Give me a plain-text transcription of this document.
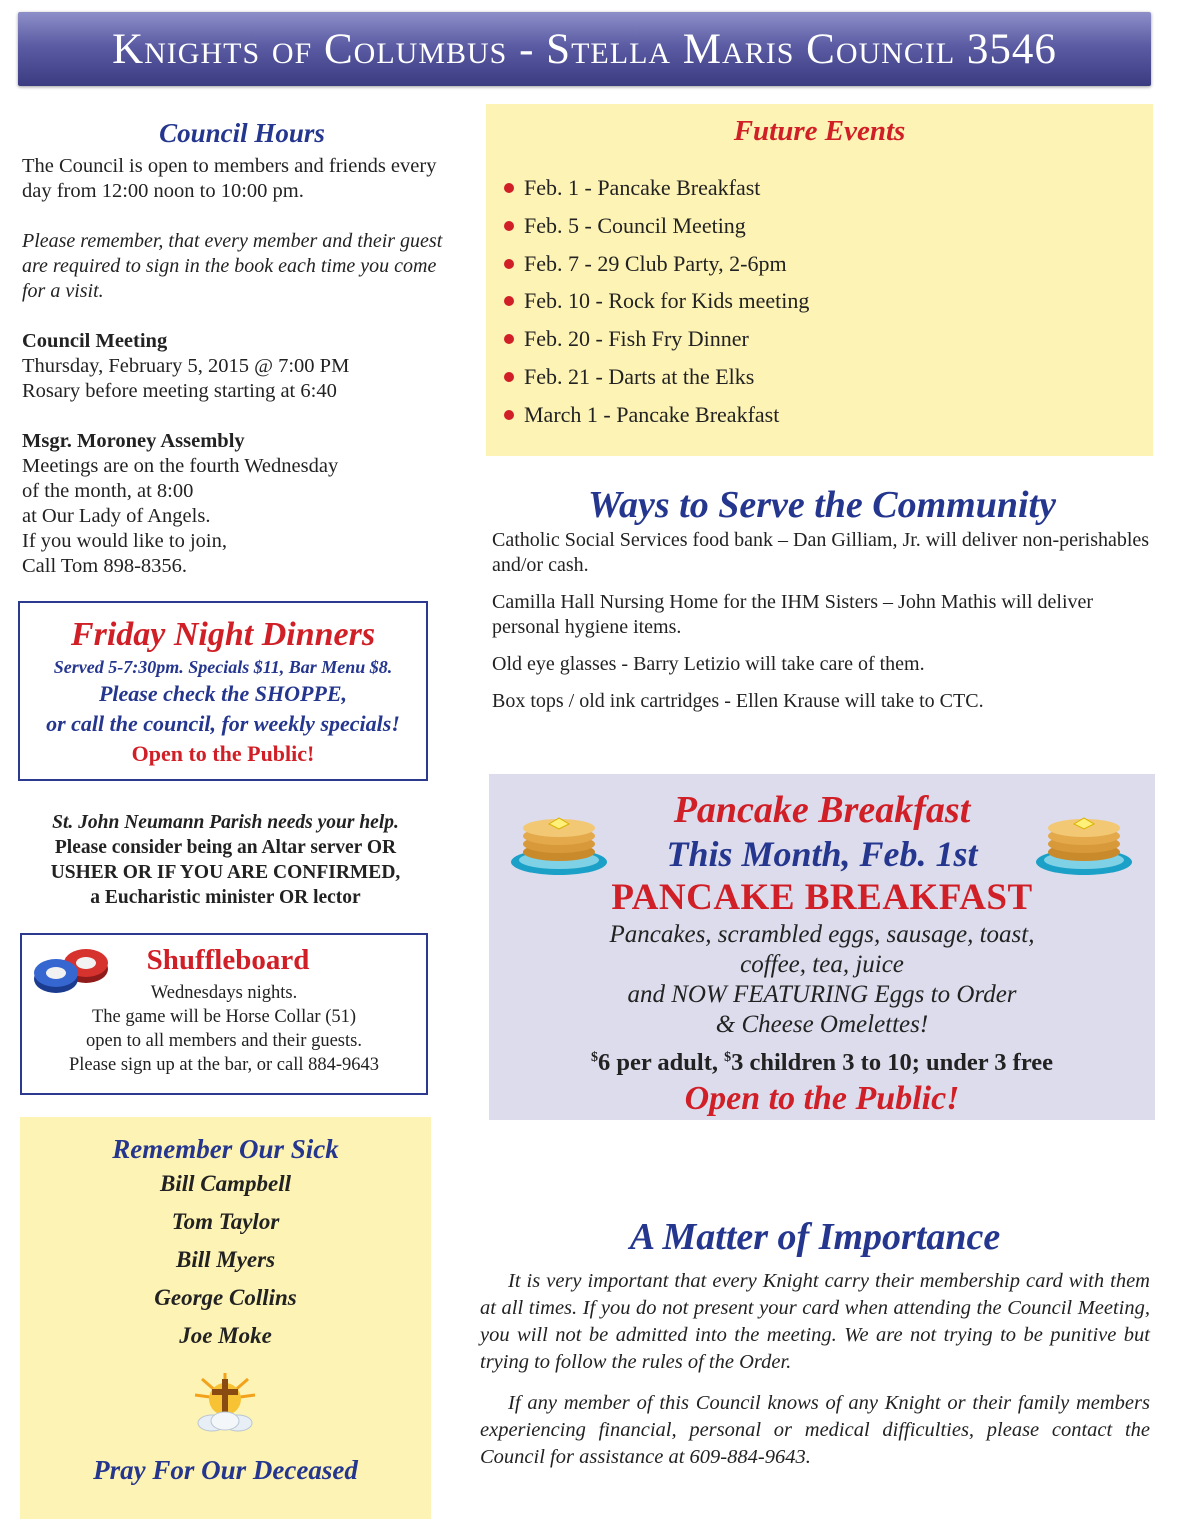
Knights of Columbus - Stella Maris Council 3546
Council Hours

The Council is open to members and friends every day from 12:00 noon to 10:00 pm.

Please remember, that every member and their guest are required to sign in the book each time you come for a visit.

Council Meeting
Thursday, February 5, 2015 @ 7:00 PM
Rosary before meeting starting at 6:40

Msgr. Moroney Assembly
Meetings are on the fourth Wednesday
of the month, at 8:00
at Our Lady of Angels.
If you would like to join,
Call Tom 898-8356.

Friday Night Dinners
Served 5-7:30pm. Specials $11, Bar Menu $8.
Please check the SHOPPE,
or call the council, for weekly specials!
Open to the Public!
St. John Neumann Parish needs your help.
Please consider being an Altar server OR
USHER OR IF YOU ARE CONFIRMED,
a Eucharistic minister OR lector
Shuffleboard
Wednesdays nights.
The game will be Horse Collar (51)
open to all members and their guests.
Please sign up at the bar, or call 884-9643
Remember Our Sick
Bill Campbell
Tom Taylor
Bill Myers
George Collins
Joe Moke
Pray For Our Deceased
Future Events
Feb. 1 - Pancake Breakfast
Feb. 5 - Council Meeting
Feb. 7 - 29 Club Party, 2-6pm
Feb. 10 - Rock for Kids meeting
Feb. 20 - Fish Fry Dinner
Feb. 21 - Darts at the Elks
March 1 - Pancake Breakfast
Ways to Serve the Community

Catholic Social Services food bank – Dan Gilliam, Jr. will deliver non-perishables and/or cash.

Camilla Hall Nursing Home for the IHM Sisters – John Mathis will deliver personal hygiene items.

Old eye glasses - Barry Letizio will take care of them.

Box tops / old ink cartridges - Ellen Krause will take to CTC.

Pancake Breakfast
This Month, Feb. 1st
PANCAKE BREAKFAST
Pancakes, scrambled eggs, sausage, toast,
coffee, tea, juice
and NOW FEATURING Eggs to Order
& Cheese Omelettes!
$6 per adult, $3 children 3 to 10; under 3 free
Open to the Public!
A Matter of Importance

It is very important that every Knight carry their membership card with them at all times. If you do not present your card when attending the Council Meeting, you will not be admitted into the meeting. We are not trying to be punitive but trying to follow the rules of the Order.

If any member of this Council knows of any Knight or their family members experiencing financial, personal or medical difficulties, please contact the Council for assistance at 609-884-9643.
